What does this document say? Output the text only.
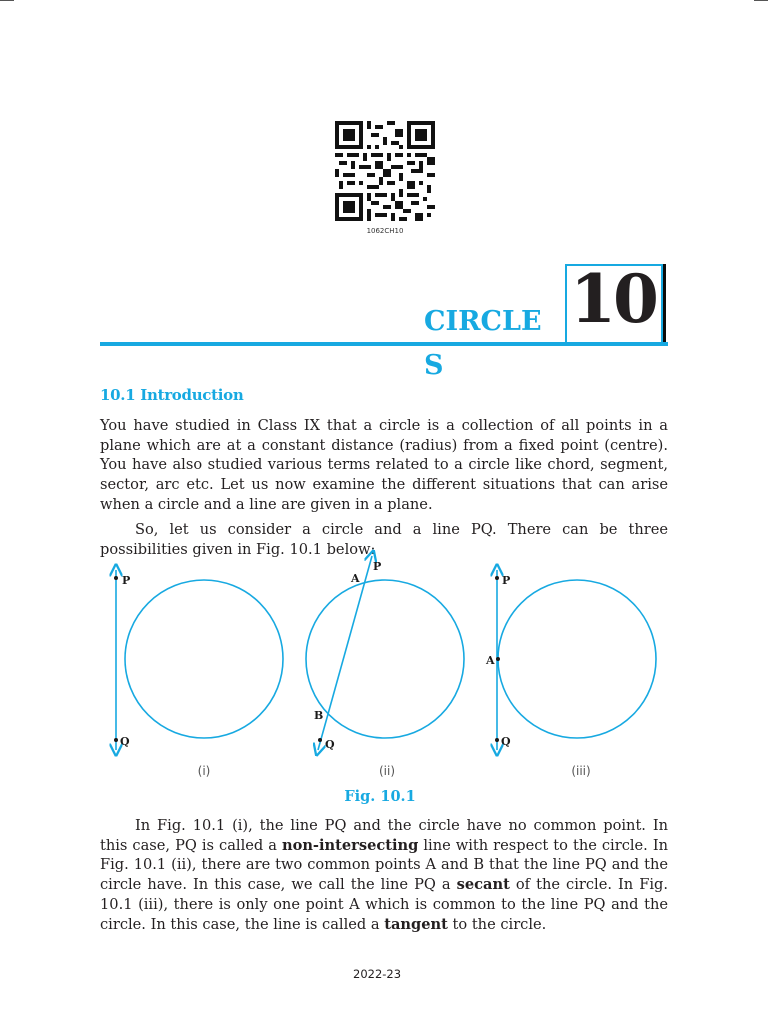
1062CH10
10
CIRCLES
10.1 Introduction

You have studied in Class IX that a circle is a collection of all points in a plane which are at a constant distance (radius) from a fixed point (centre). You have also studied various terms related to a circle like chord, segment, sector, arc etc. Let us now examine the different situations that can arise when a circle and a line are given in a plane.

So, let us consider a circle and a line PQ. There can be three possibilities given in Fig. 10.1 below:

P
Q
P
A
B
Q
P
A
Q
(i)	(ii)	(iii)
Fig. 10.1

In Fig. 10.1 (i), the line PQ and the circle have no common point. In this case, PQ is called a non-intersecting line with respect to the circle. In Fig. 10.1 (ii), there are two common points A and B that the line PQ and the circle have. In this case, we call the line PQ a secant of the circle. In Fig. 10.1 (iii), there is only one point A which is common to the line PQ and the circle. In this case, the line is called a tangent to the circle.

2022-23
